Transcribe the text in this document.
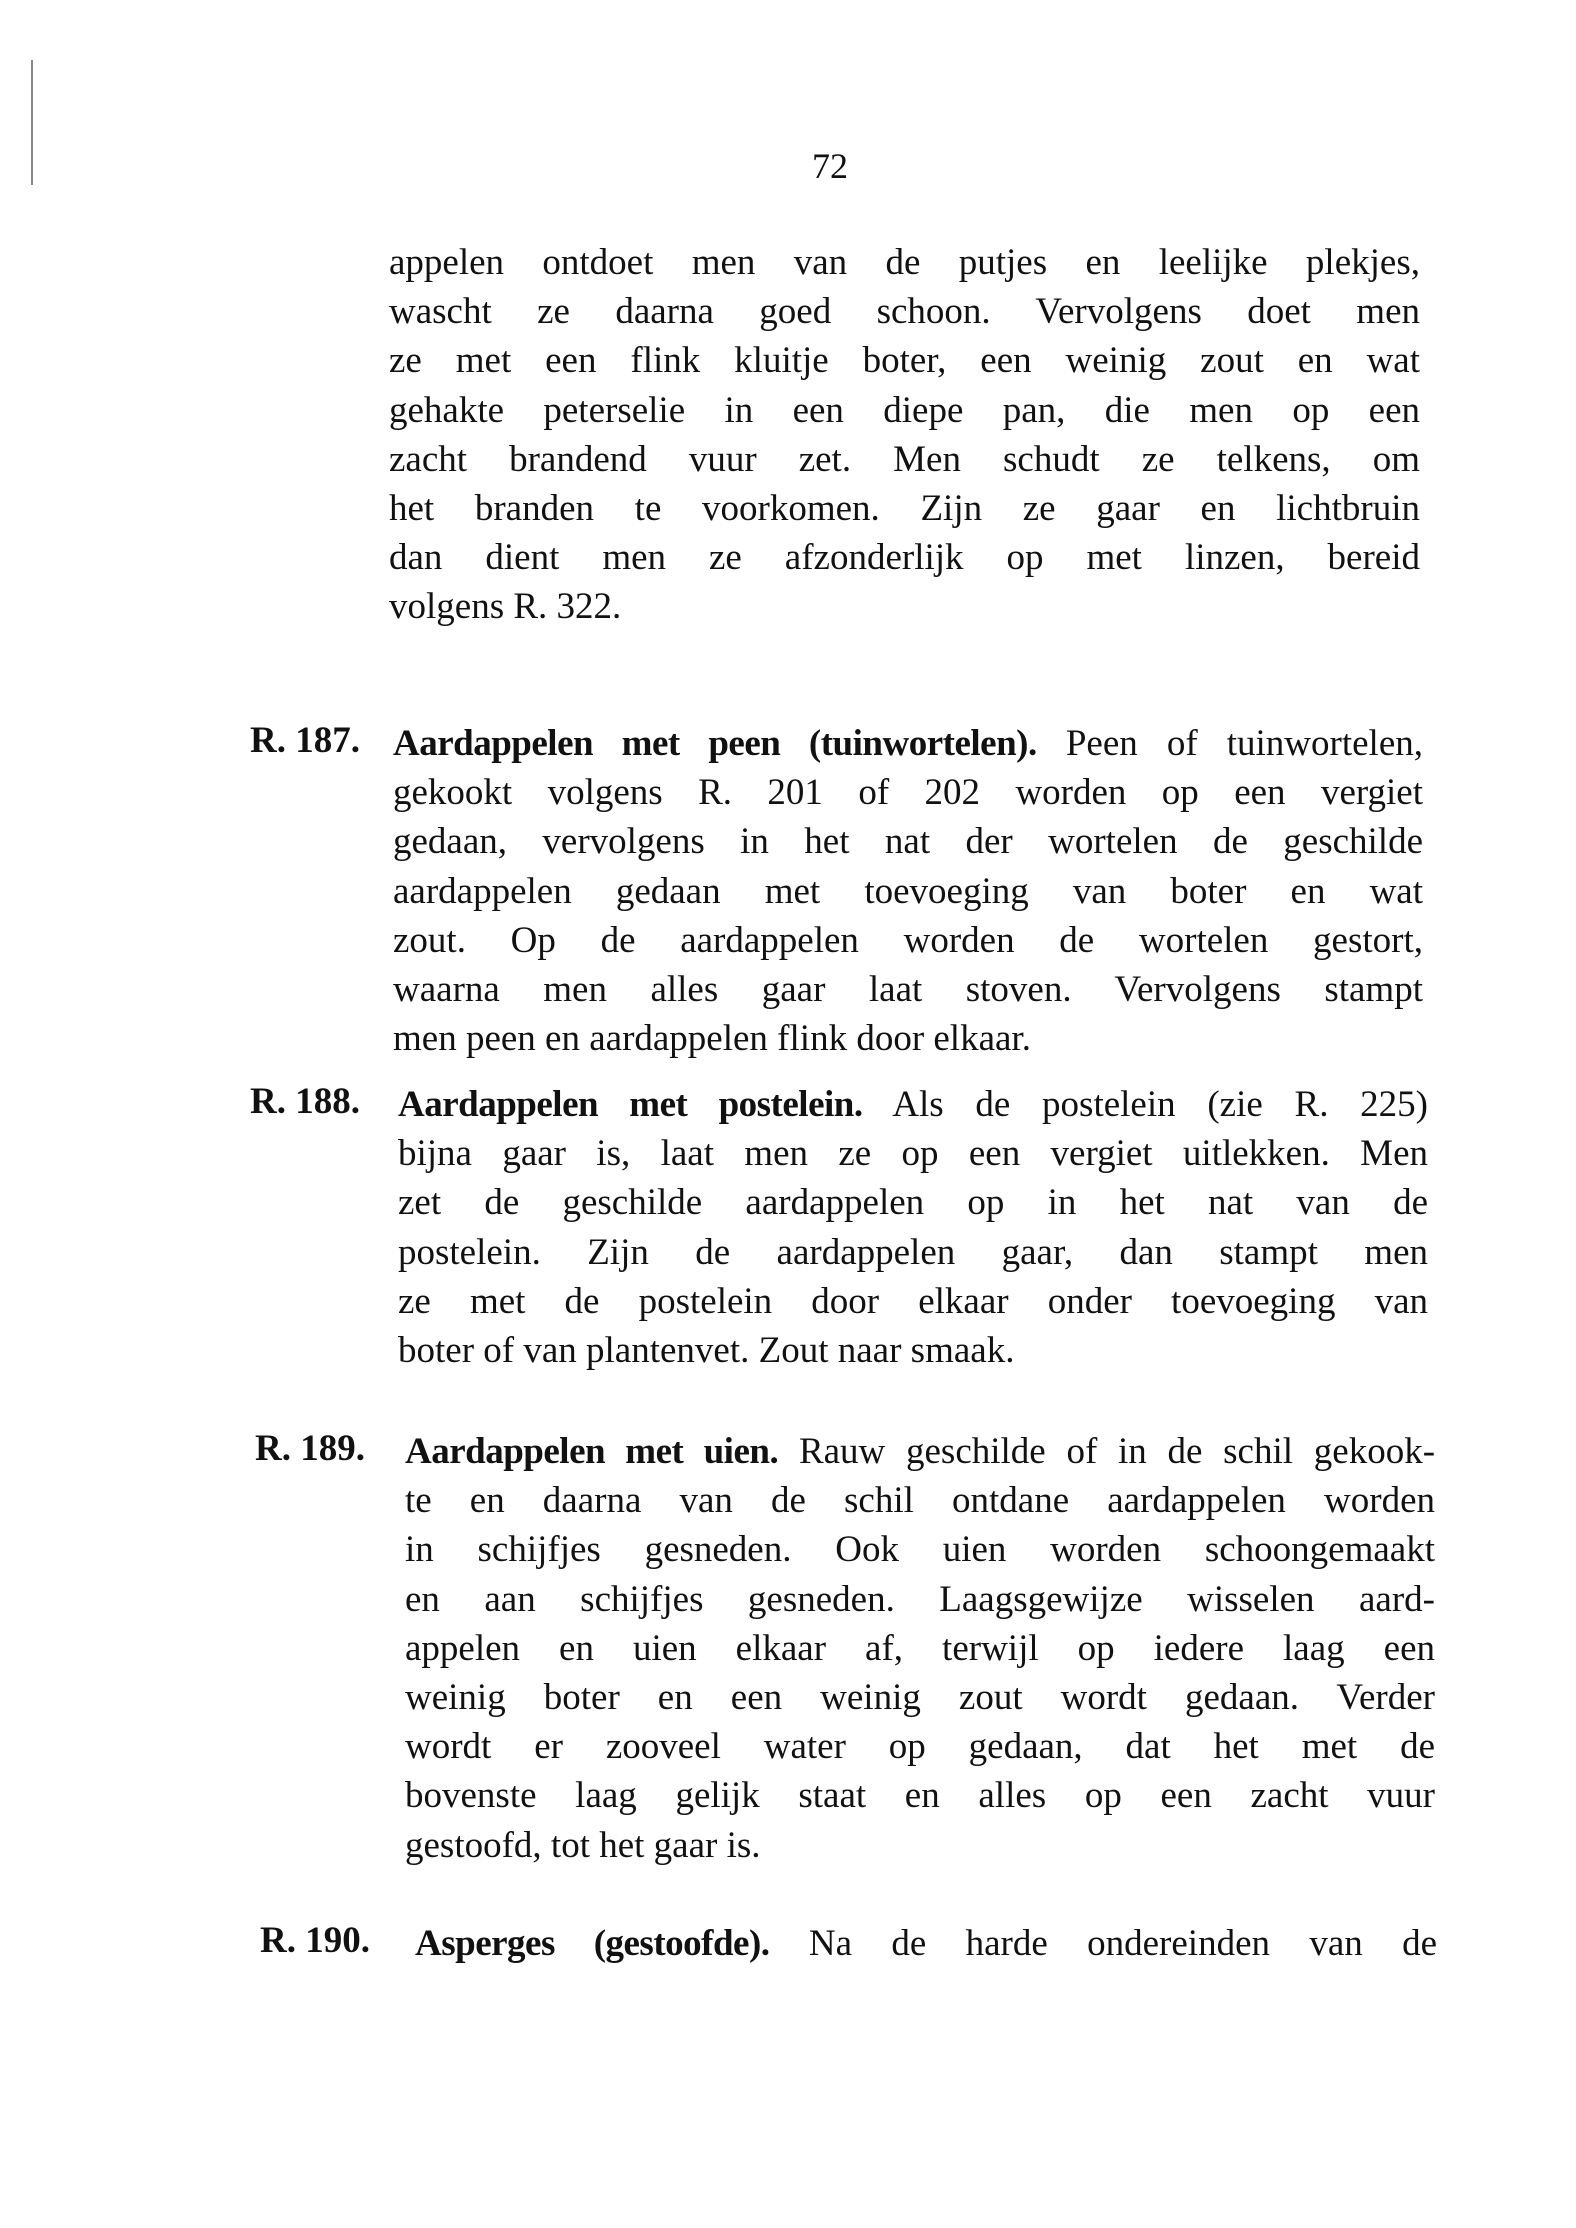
72
appelen ontdoet men van de putjes en leelijke plekjes,
wascht ze daarna goed schoon. Vervolgens doet men
ze met een flink kluitje boter, een weinig zout en wat
gehakte peterselie in een diepe pan, die men op een
zacht brandend vuur zet. Men schudt ze telkens, om
het branden te voorkomen. Zijn ze gaar en lichtbruin
dan dient men ze afzonderlijk op met linzen, bereid
volgens R. 322.
R. 187. Aardappelen met peen (tuinwortelen). Peen of tuinwortelen,
gekookt volgens R. 201 of 202 worden op een vergiet
gedaan, vervolgens in het nat der wortelen de geschilde
aardappelen gedaan met toevoeging van boter en wat
zout. Op de aardappelen worden de wortelen gestort,
waarna men alles gaar laat stoven. Vervolgens stampt
men peen en aardappelen flink door elkaar.
R. 188. Aardappelen met postelein. Als de postelein (zie R. 225)
bijna gaar is, laat men ze op een vergiet uitlekken. Men
zet de geschilde aardappelen op in het nat van de
postelein. Zijn de aardappelen gaar, dan stampt men
ze met de postelein door elkaar onder toevoeging van
boter of van plantenvet. Zout naar smaak.
R. 189. Aardappelen met uien. Rauw geschilde of in de schil gekook-
te en daarna van de schil ontdane aardappelen worden
in schijfjes gesneden. Ook uien worden schoongemaakt
en aan schijfjes gesneden. Laagsgewijze wisselen aard-
appelen en uien elkaar af, terwijl op iedere laag een
weinig boter en een weinig zout wordt gedaan. Verder
wordt er zooveel water op gedaan, dat het met de
bovenste laag gelijk staat en alles op een zacht vuur
gestoofd, tot het gaar is.
R. 190. Asperges (gestoofde). Na de harde ondereinden van de
